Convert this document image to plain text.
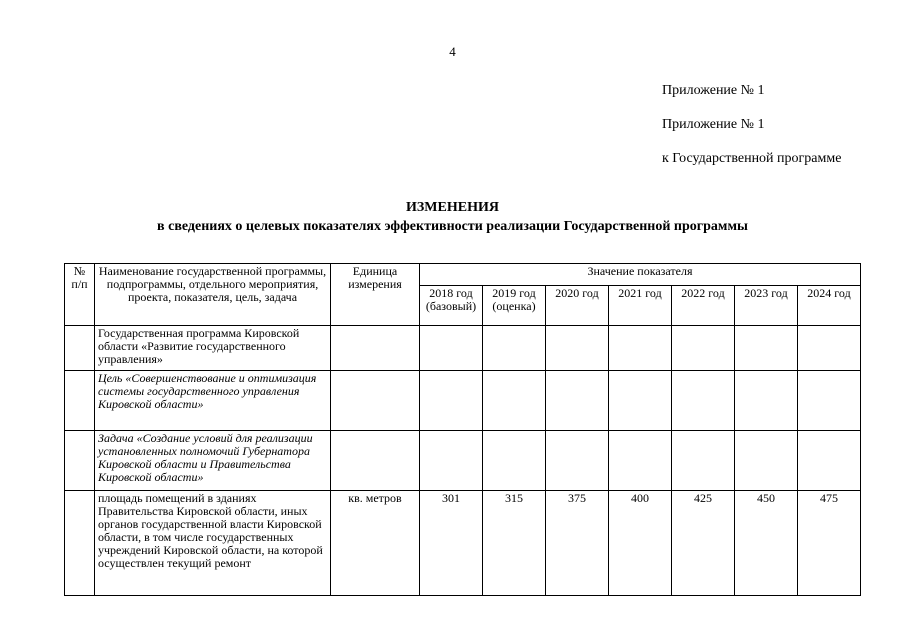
4
Приложение № 1
Приложение № 1
к Государственной программе
ИЗМЕНЕНИЯ
в сведениях о целевых показателях эффективности реализации Государственной программы
№ п/п	Наименование государственной программы, подпрограммы, отдельного мероприятия, проекта, показателя, цель, задача	Единица измерения	Значение показателя						
			2018 год (базовый)	2019 год (оценка)	2020 год	2021 год	2022 год	2023 год	2024 год
	Государственная программа Кировской области «Развитие государственного управления»								
	Цель «Совершенствование и оптимизация системы государственного управления Кировской области»								
	Задача «Создание условий для реализации установленных полномочий Губернатора Кировской области и Правительства Кировской области»								
	площадь помещений в зданиях Правительства Кировской области, иных органов государственной власти Кировской области, в том числе государственных учреждений Кировской области, на которой осуществлен текущий ремонт	кв. метров	301	315	375	400	425	450	475
